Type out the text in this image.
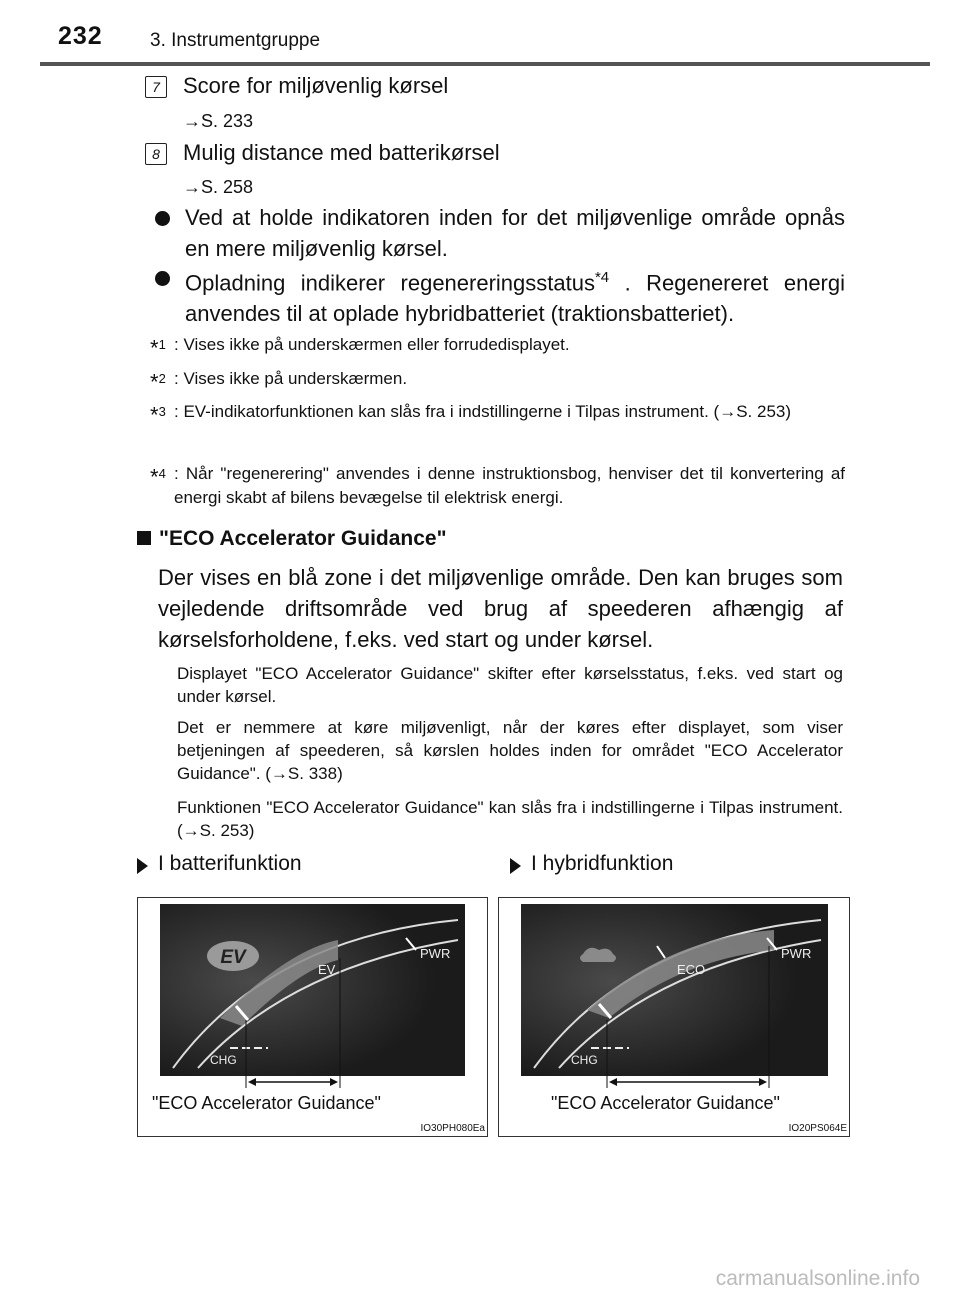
232 3. Instrumentgruppe
7	Score for miljøvenlig kørsel
→S. 233
8	Mulig distance med batterikørsel
→S. 258
Ved at holde indikatoren inden for det miljøvenlige område opnås en mere miljøvenlig kørsel.
Opladning indikerer regenereringsstatus$^{*4}$ . Regenereret energi anvendes til at oplade hybridbatteriet (traktionsbatteriet).
*$^1$ : Vises ikke på underskærmen eller forrudedisplayet.
*$^2$ : Vises ikke på underskærmen.
*$^3$ : EV-indikatorfunktionen kan slås fra i indstillingerne i Tilpas instrument. (→S. 253)
*$^4$ : Når "regenerering" anvendes i denne instruktionsbog, henviser det til konvertering af energi skabt af bilens bevægelse til elektrisk energi.
"ECO Accelerator Guidance"
Der vises en blå zone i det miljøvenlige område. Den kan bruges som vejledende driftsområde ved brug af speederen afhængig af kørselsforholdene, f.eks. ved start og under kørsel.
Displayet "ECO Accelerator Guidance" skifter efter kørselsstatus, f.eks. ved start og under kørsel.
Det er nemmere at køre miljøvenligt, når der køres efter displayet, som viser betjeningen af speederen, så kørslen holdes inden for området "ECO Accelerator Guidance". (→S. 338)
Funktionen "ECO Accelerator Guidance" kan slås fra i indstillingerne i Tilpas instrument. (→S. 253)
I batterifunktion	I hybridfunktion
EV
EV
PWR
CHG
"ECO Accelerator Guidance"
IO30PH080Ea
ECO
PWR
CHG
"ECO Accelerator Guidance"
IO20PS064E
carmanualsonline.info
